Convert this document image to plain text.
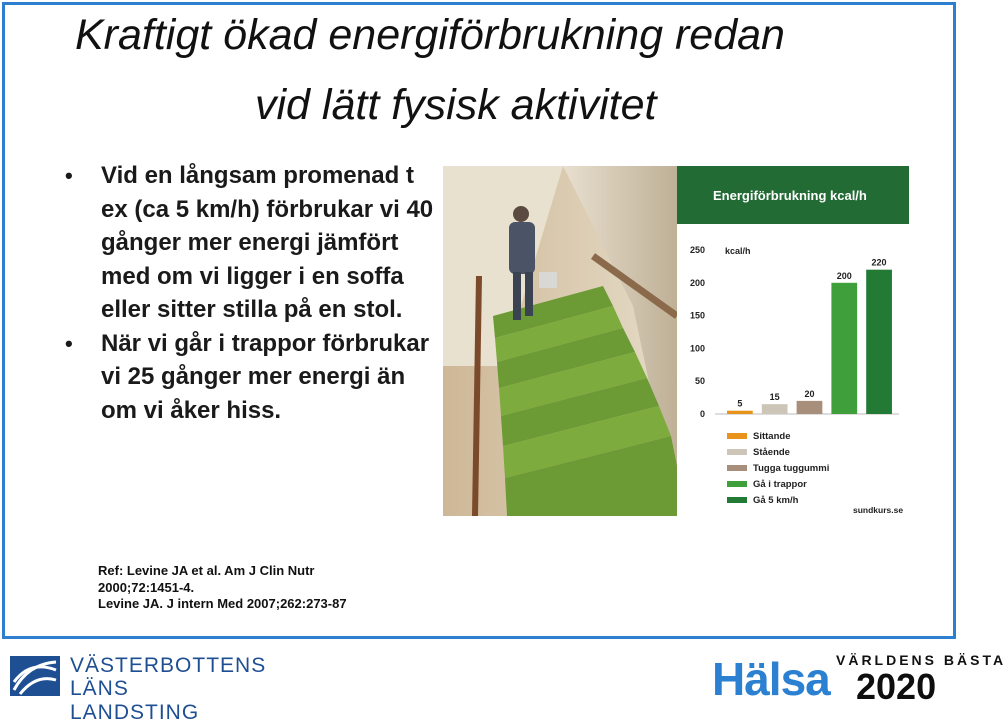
Kraftigt ökad energiförbrukning redan
vid lätt fysisk aktivitet
• Vid en långsam promenad t ex (ca 5 km/h) förbrukar vi 40 gånger mer energi jämfört med om vi ligger i en soffa eller sitter stilla på en stol.
• När vi går i trappor förbrukar vi 25 gånger mer energi än om vi åker hiss.
Ref: Levine JA et al. Am J Clin Nutr
2000;72:1451-4.
Levine JA. J intern Med 2007;262:273-87
Energiförbrukning kcal/h
kcal/h
0
50
100
150
200
250
5
15	20
200
220
Sittande
Stående
Tugga tuggummi
Gå i trappor
Gå 5 km/h
sundkurs.se
VÄSTERBOTTENS
LÄNS LANDSTING
VÄRLDENS BÄSTA
Hälsa 2020
